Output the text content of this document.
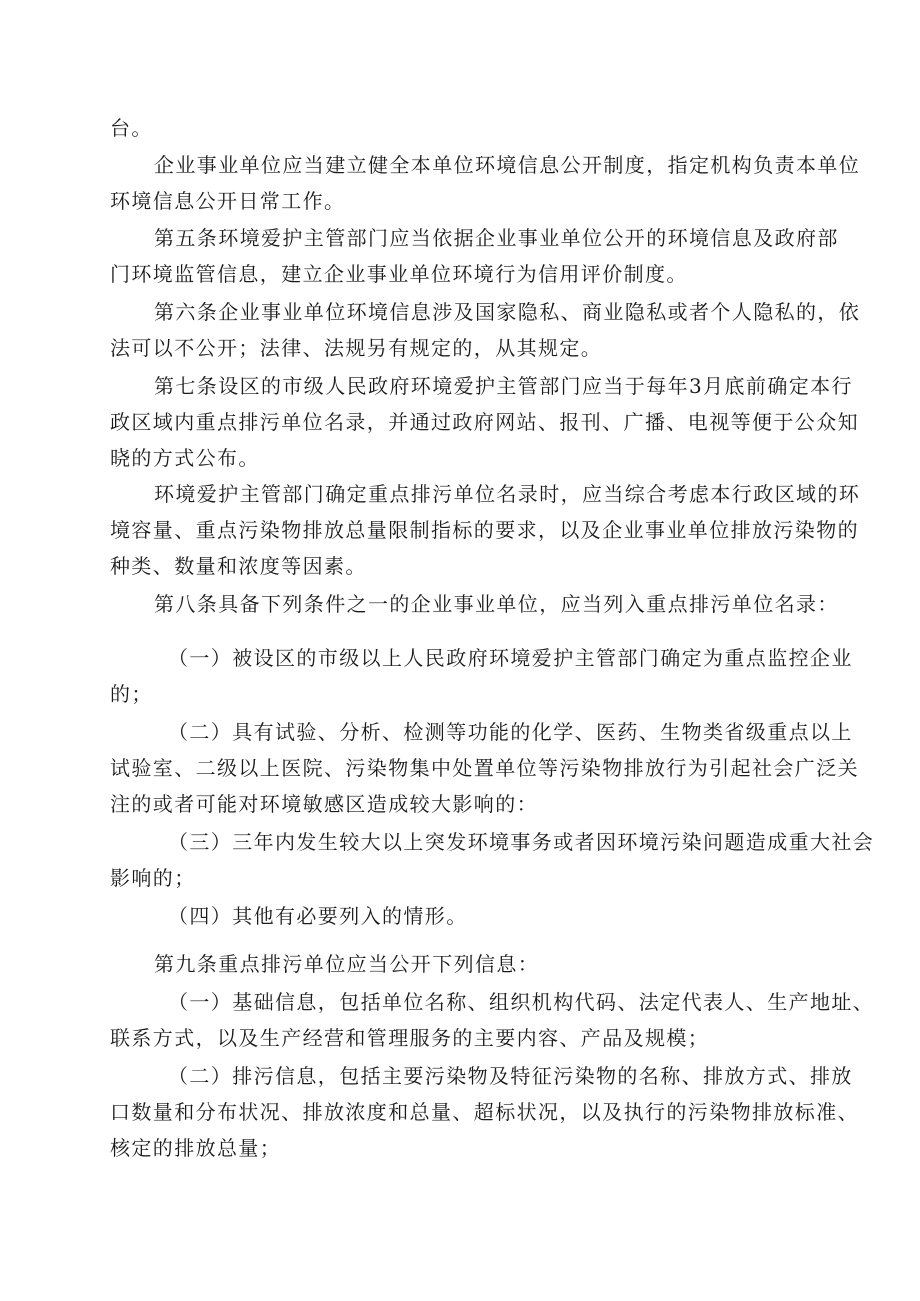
台。

企业事业单位应当建立健全本单位环境信息公开制度，指定机构负责本单位
环境信息公开日常工作。

第五条环境爱护主管部门应当依据企业事业单位公开的环境信息及政府部
门环境监管信息，建立企业事业单位环境行为信用评价制度。

第六条企业事业单位环境信息涉及国家隐私、商业隐私或者个人隐私的，依
法可以不公开；法律、法规另有规定的，从其规定。

第七条设区的市级人民政府环境爱护主管部门应当于每年3月底前确定本行
政区域内重点排污单位名录，并通过政府网站、报刊、广播、电视等便于公众知
晓的方式公布。

环境爱护主管部门确定重点排污单位名录时，应当综合考虑本行政区域的环
境容量、重点污染物排放总量限制指标的要求，以及企业事业单位排放污染物的
种类、数量和浓度等因素。

第八条具备下列条件之一的企业事业单位，应当列入重点排污单位名录：

（一）被设区的市级以上人民政府环境爱护主管部门确定为重点监控企业
的；

（二）具有试验、分析、检测等功能的化学、医药、生物类省级重点以上
试验室、二级以上医院、污染物集中处置单位等污染物排放行为引起社会广泛关
注的或者可能对环境敏感区造成较大影响的：

（三）三年内发生较大以上突发环境事务或者因环境污染问题造成重大社会
影响的；

（四）其他有必要列入的情形。

第九条重点排污单位应当公开下列信息：

（一）基础信息，包括单位名称、组织机构代码、法定代表人、生产地址、
联系方式，以及生产经营和管理服务的主要内容、产品及规模；

（二）排污信息，包括主要污染物及特征污染物的名称、排放方式、排放
口数量和分布状况、排放浓度和总量、超标状况，以及执行的污染物排放标准、
核定的排放总量；
